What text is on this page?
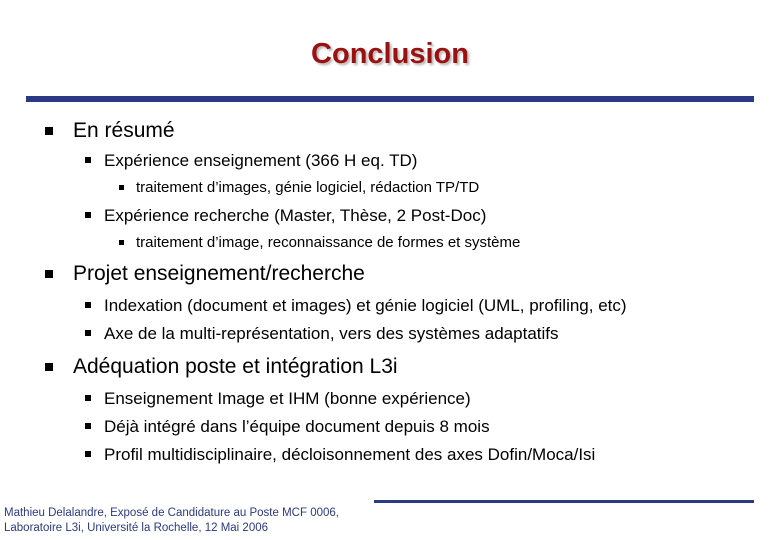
Conclusion
En résumé
Expérience enseignement (366 H eq. TD)
traitement d’images, génie logiciel, rédaction TP/TD
Expérience recherche (Master, Thèse, 2 Post-Doc)
traitement d’image, reconnaissance de formes et système
Projet enseignement/recherche
Indexation (document et images) et génie logiciel (UML, profiling, etc)
Axe de la multi-représentation, vers des systèmes adaptatifs
Adéquation poste et intégration L3i
Enseignement Image et IHM (bonne expérience)
Déjà intégré dans l’équipe document depuis 8 mois
Profil multidisciplinaire, décloisonnement des axes Dofin/Moca/Isi
Mathieu Delalandre, Exposé de Candidature au Poste MCF 0006,
Laboratoire L3i, Université la Rochelle, 12 Mai 2006
